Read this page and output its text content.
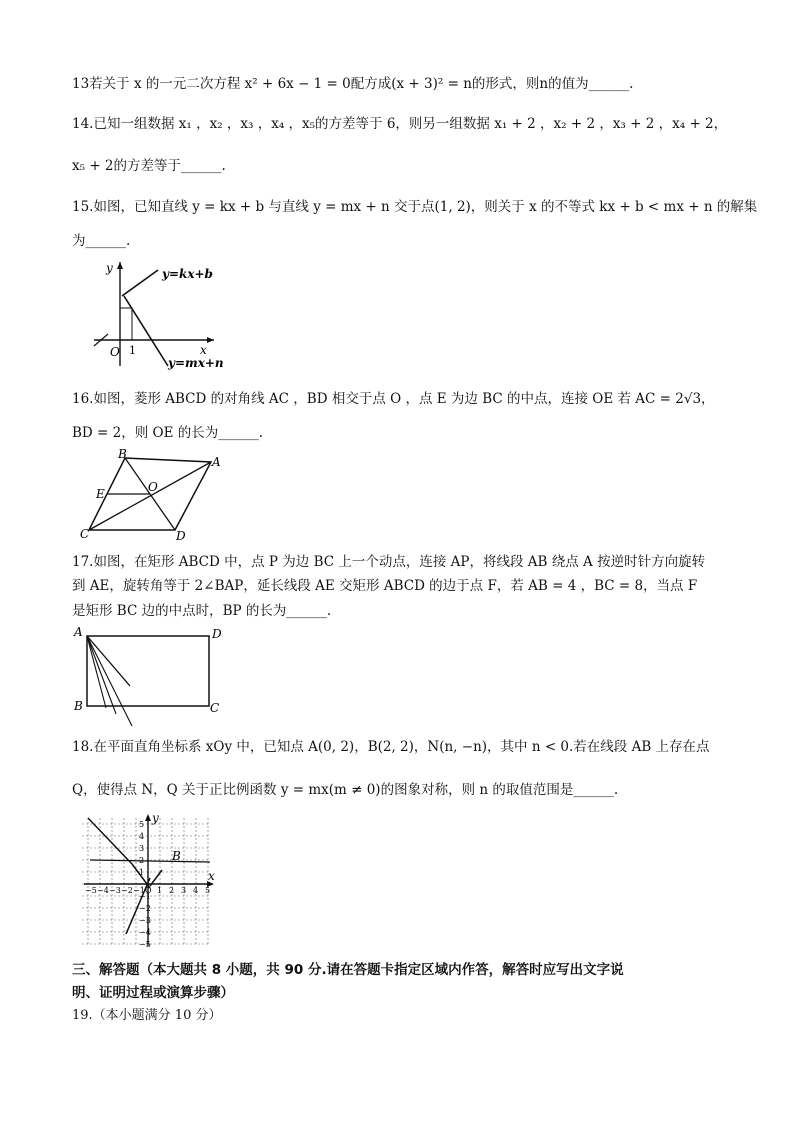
13若关于 x 的一元二次方程 x² + 6x − 1 = 0配方成(x + 3)² = n的形式，则n的值为______.
14.已知一组数据 x₁ ，x₂ ，x₃ ，x₄ ，x₅的方差等于 6，则另一组数据 x₁ + 2 ，x₂ + 2 ，x₃ + 2 ，x₄ + 2，
x₅ + 2的方差等于______.
15.如图，已知直线 y = kx + b 与直线 y = mx + n 交于点(1, 2)，则关于 x 的不等式 kx + b < mx + n 的解集
为______.
y
x
O 1
y=kx+b
y=mx+n
16.如图，菱形 ABCD 的对角线 AC ，BD 相交于点 O ，点 E 为边 BC 的中点，连接 OE 若 AC = 2√3，
BD = 2，则 OE 的长为______.
B
A
C	D
E	O
17.如图，在矩形 ABCD 中，点 P 为边 BC 上一个动点，连接 AP，将线段 AB 绕点 A 按逆时针方向旋转
到 AE，旋转角等于 2∠BAP，延长线段 AE 交矩形 ABCD 的边于点 F，若 AB = 4 ，BC = 8，当点 F
是矩形 BC 边的中点时，BP 的长为______.
A	D
B	C
18.在平面直角坐标系 xOy 中，已知点 A(0, 2)，B(2, 2)，N(n, −n)，其中 n < 0.若在线段 AB 上存在点
Q，使得点 N，Q 关于正比例函数 y = mx(m ≠ 0)的图象对称，则 n 的取值范围是______.
y
x
B
−5 −4 −3 −2 −1 O 1 2 3 4 5
5
4
3
2
1
−1
−2
−3
−4
−5
三、解答题（本大题共 8 小题，共 90 分.请在答题卡指定区域内作答，解答时应写出文字说
明、证明过程或演算步骤）
19.（本小题满分 10 分）
